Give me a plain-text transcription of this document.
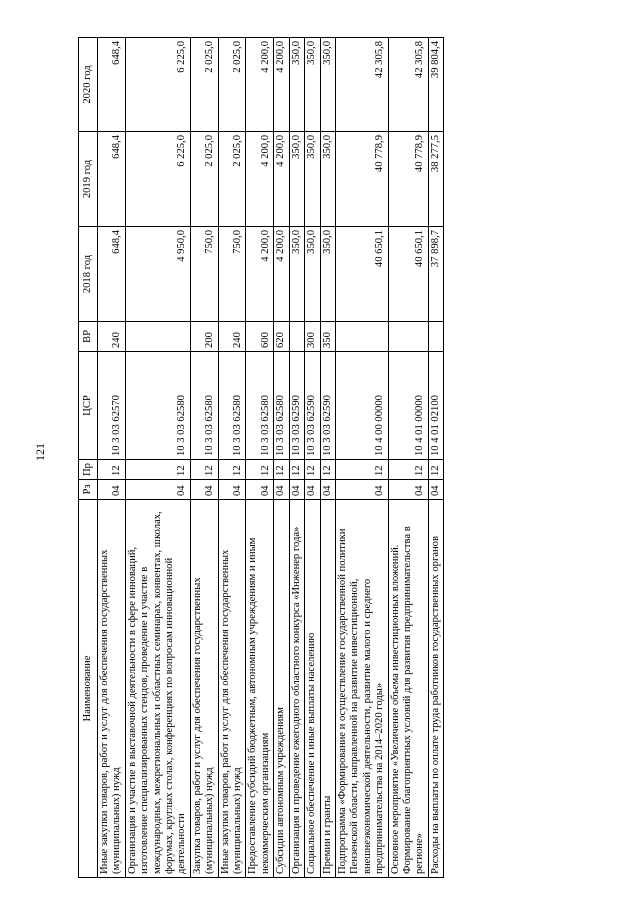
121
Наименование	Рз	Пр	ЦСР	ВР	2018 год	2019 год	2020 год
Иные закупки товаров, работ и услуг для обеспечения государственных (муниципальных) нужд	04	12	10 3 03 62570	240	648,4	648,4	648,4
Организация и участие в выставочной деятельности в сфере инноваций, изготовление специализированных стендов, проведение и участие в международных, межрегиональных и областных семинарах, конвентах, школах, форумах, круглых столах, конференциях по вопросам инновационной деятельности	04	12	10 3 03 62580		4 950,0	6 225,0	6 225,0
Закупка товаров, работ и услуг для обеспечения государственных (муниципальных) нужд	04	12	10 3 03 62580	200	750,0	2 025,0	2 025,0
Иные закупки товаров, работ и услуг для обеспечения государственных (муниципальных) нужд	04	12	10 3 03 62580	240	750,0	2 025,0	2 025,0
Предоставление субсидий бюджетным, автономным учреждениям и иным некоммерческим организациям	04	12	10 3 03 62580	600	4 200,0	4 200,0	4 200,0
Субсидии автономным учреждениям	04	12	10 3 03 62580	620	4 200,0	4 200,0	4 200,0
Организация и проведение ежегодного областного конкурса «Инженер года»	04	12	10 3 03 62590		350,0	350,0	350,0
Социальное обеспечение и иные выплаты населению	04	12	10 3 03 62590	300	350,0	350,0	350,0
Премии и гранты	04	12	10 3 03 62590	350	350,0	350,0	350,0
Подпрограмма «Формирование и осуществление государственной политики Пензенской области, направленной на развитие инвестиционной, внешнеэкономической деятельности, развитие малого и среднего предпринимательства на 2014–2020 годы»	04	12	10 4 00 00000		40 650,1	40 778,9	42 305,8
Основное мероприятие «Увеличение объема инвестиционных вложений. Формирование благоприятных условий для развития предпринимательства в регионе»	04	12	10 4 01 00000		40 650,1	40 778,9	42 305,8
Расходы на выплаты по оплате труда работников государственных органов	04	12	10 4 01 02100		37 898,7	38 277,5	39 804,4
